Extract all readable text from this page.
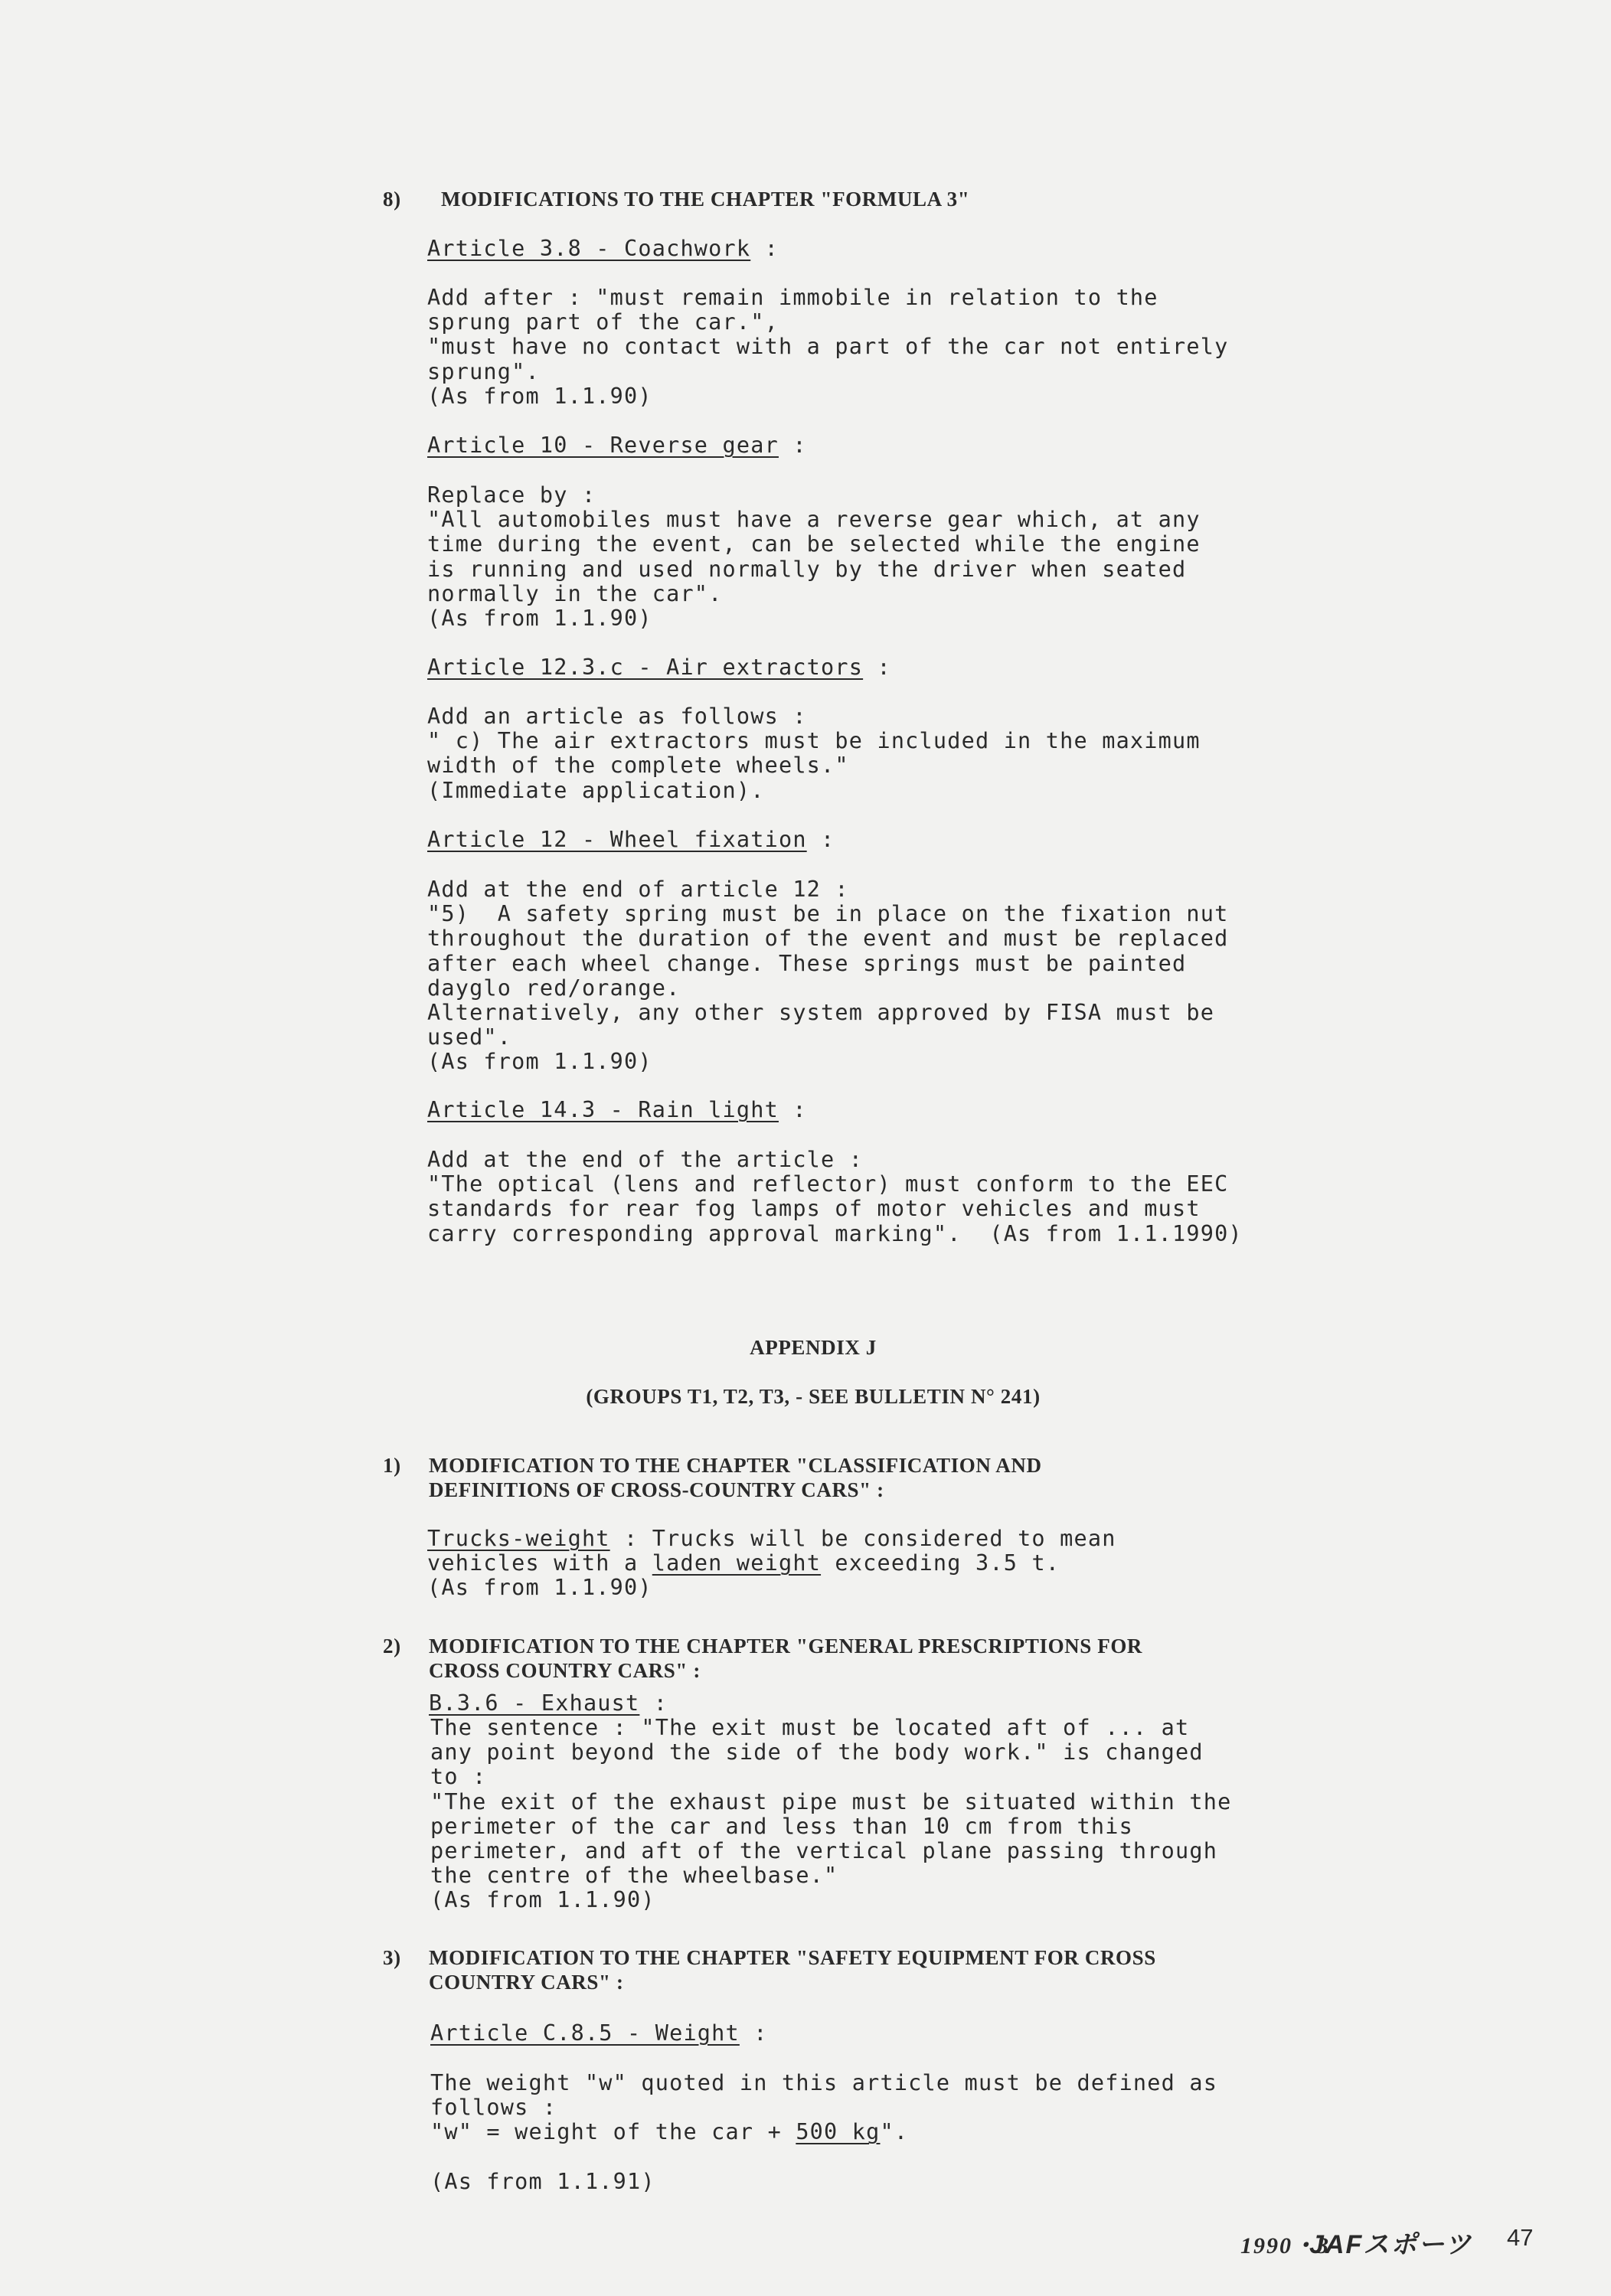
8) MODIFICATIONS TO THE CHAPTER "FORMULA 3"
Article 3.8 - Coachwork :
Add after : "must remain immobile in relation to the
sprung part of the car.",
"must have no contact with a part of the car not entirely
sprung".
(As from 1.1.90)
Article 10 - Reverse gear :
Replace by :
"All automobiles must have a reverse gear which, at any
time during the event, can be selected while the engine
is running and used normally by the driver when seated
normally in the car".
(As from 1.1.90)
Article 12.3.c - Air extractors :
Add an article as follows :
" c) The air extractors must be included in the maximum
width of the complete wheels."
(Immediate application).
Article 12 - Wheel fixation :
Add at the end of article 12 :
"5)  A safety spring must be in place on the fixation nut
throughout the duration of the event and must be replaced
after each wheel change. These springs must be painted
dayglo red/orange.
Alternatively, any other system approved by FISA must be
used".
(As from 1.1.90)
Article 14.3 - Rain light :
Add at the end of the article :
"The optical (lens and reflector) must conform to the EEC
standards for rear fog lamps of motor vehicles and must
carry corresponding approval marking".  (As from 1.1.1990)
APPENDIX J
(GROUPS T1, T2, T3, - SEE BULLETIN N° 241)
1) MODIFICATION TO THE CHAPTER "CLASSIFICATION AND
DEFINITIONS OF CROSS-COUNTRY CARS" :
Trucks-weight : Trucks will be considered to mean
vehicles with a laden weight exceeding 3.5 t.
(As from 1.1.90)
2) MODIFICATION TO THE CHAPTER "GENERAL PRESCRIPTIONS FOR
CROSS COUNTRY CARS" :
B.3.6 - Exhaust :
The sentence : "The exit must be located aft of ... at
any point beyond the side of the body work." is changed
to :
"The exit of the exhaust pipe must be situated within the
perimeter of the car and less than 10 cm from this
perimeter, and aft of the vertical plane passing through
the centre of the wheelbase."
(As from 1.1.90)
3) MODIFICATION TO THE CHAPTER "SAFETY EQUIPMENT FOR CROSS
COUNTRY CARS" :
Article C.8.5 - Weight :
The weight "w" quoted in this article must be defined as
follows :
"w" = weight of the car + 500 kg".
(As from 1.1.91)
1990・3
JAFスポーツ 47
